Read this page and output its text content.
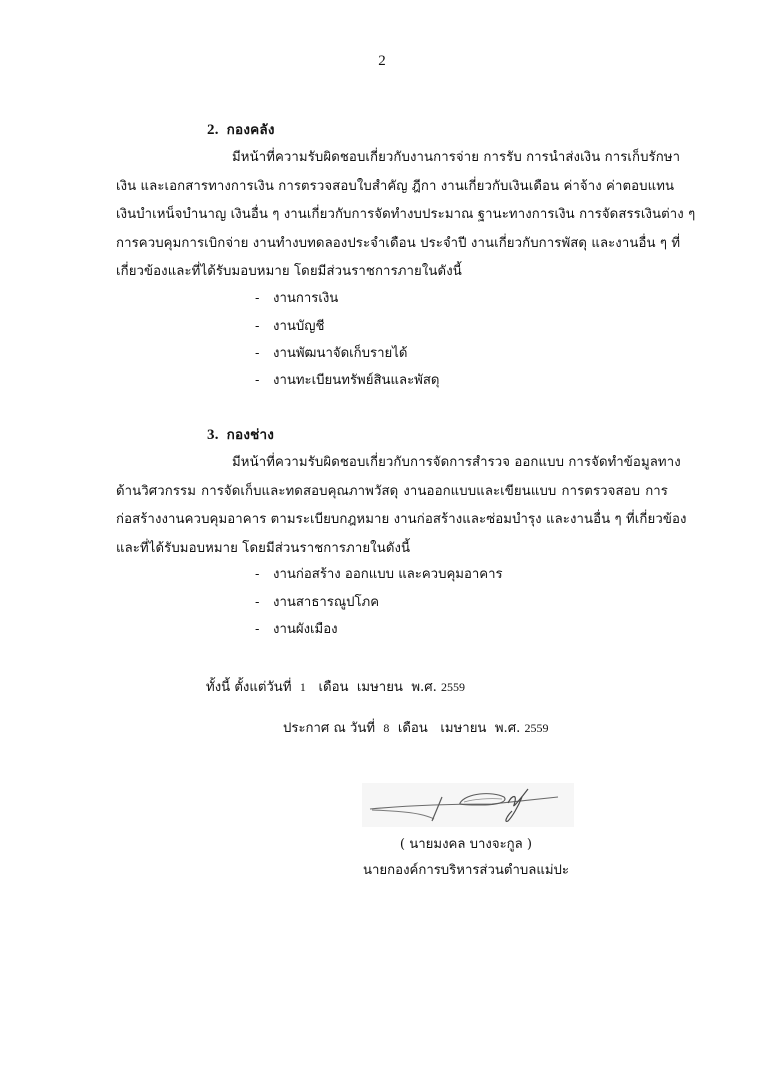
2
2. กองคลัง
มีหน้าที่ความรับผิดชอบเกี่ยวกับงานการจ่าย การรับ การนำส่งเงิน การเก็บรักษา
เงิน และเอกสารทางการเงิน การตรวจสอบใบสำคัญ ฎีกา งานเกี่ยวกับเงินเดือน ค่าจ้าง ค่าตอบแทน
เงินบำเหน็จบำนาญ เงินอื่น ๆ งานเกี่ยวกับการจัดทำงบประมาณ ฐานะทางการเงิน การจัดสรรเงินต่าง ๆ
การควบคุมการเบิกจ่าย งานทำงบทดลองประจำเดือน ประจำปี งานเกี่ยวกับการพัสดุ และงานอื่น ๆ ที่
เกี่ยวข้องและที่ได้รับมอบหมาย โดยมีส่วนราชการภายในดังนี้
- งานการเงิน
- งานบัญชี
- งานพัฒนาจัดเก็บรายได้
- งานทะเบียนทรัพย์สินและพัสดุ
3. กองช่าง
มีหน้าที่ความรับผิดชอบเกี่ยวกับการจัดการสำรวจ ออกแบบ การจัดทำข้อมูลทาง
ด้านวิศวกรรม การจัดเก็บและทดสอบคุณภาพวัสดุ งานออกแบบและเขียนแบบ การตรวจสอบ การ
ก่อสร้างงานควบคุมอาคาร ตามระเบียบกฎหมาย งานก่อสร้างและซ่อมบำรุง และงานอื่น ๆ ที่เกี่ยวข้อง
และที่ได้รับมอบหมาย โดยมีส่วนราชการภายในดังนี้
- งานก่อสร้าง ออกแบบ และควบคุมอาคาร
- งานสาธารณูปโภค
- งานผังเมือง
ทั้งนี้ ตั้งแต่วันที่ 1 เดือน เมษายน พ.ศ. 2559
ประกาศ ณ วันที่ 8 เดือน เมษายน พ.ศ. 2559
( นายมงคล บางจะกูล )
นายกองค์การบริหารส่วนตำบลแม่ปะ
